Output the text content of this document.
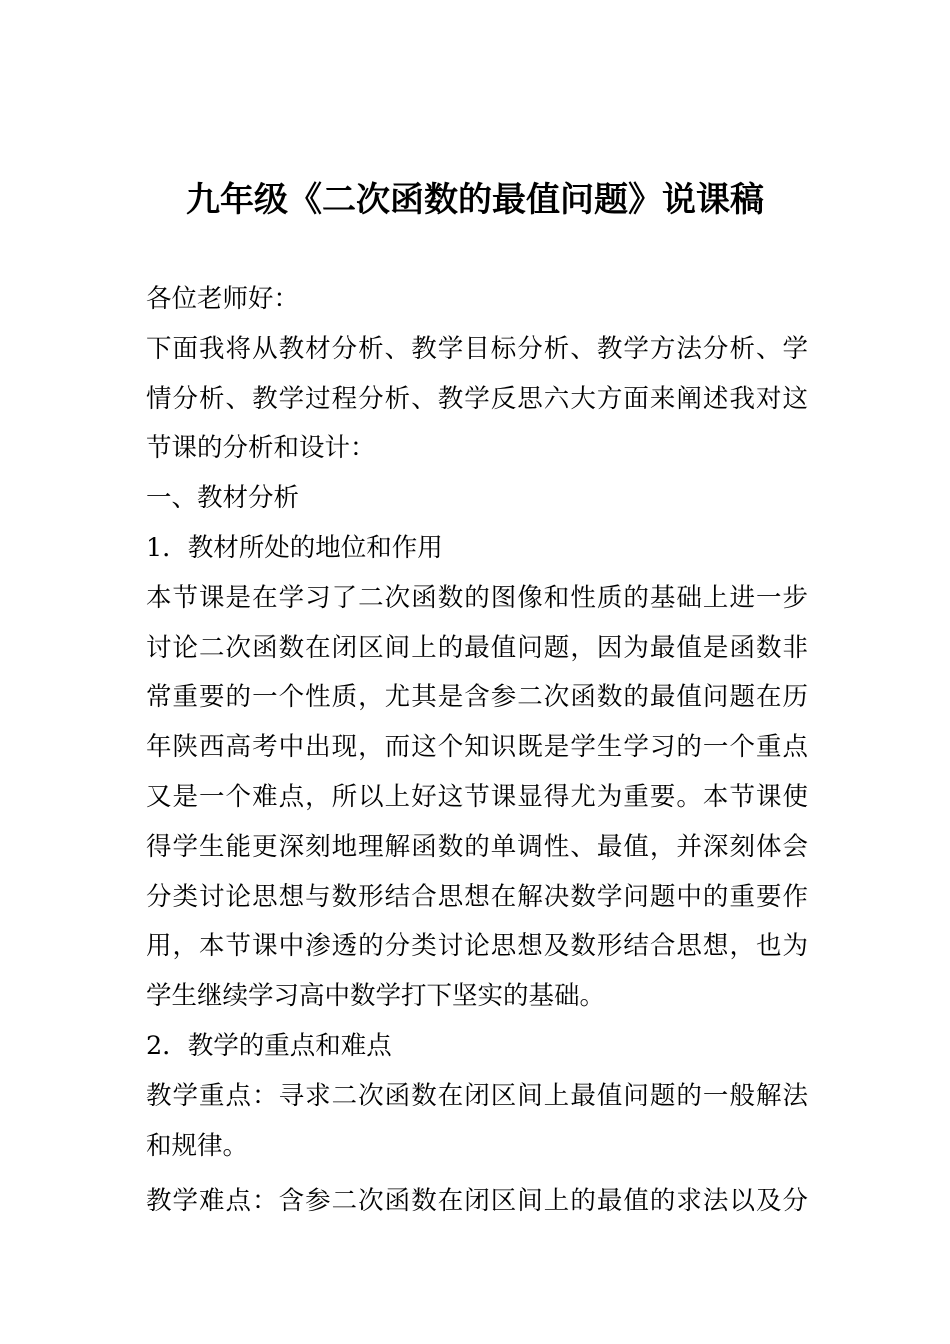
九年级《二次函数的最值问题》说课稿
各位老师好：
下面我将从教材分析、教学目标分析、教学方法分析、学
情分析、教学过程分析、教学反思六大方面来阐述我对这
节课的分析和设计：
一、教材分析
1．教材所处的地位和作用
本节课是在学习了二次函数的图像和性质的基础上进一步
讨论二次函数在闭区间上的最值问题，因为最值是函数非
常重要的一个性质，尤其是含参二次函数的最值问题在历
年陕西高考中出现，而这个知识既是学生学习的一个重点
又是一个难点，所以上好这节课显得尤为重要。本节课使
得学生能更深刻地理解函数的单调性、最值，并深刻体会
分类讨论思想与数形结合思想在解决数学问题中的重要作
用，本节课中渗透的分类讨论思想及数形结合思想，也为
学生继续学习高中数学打下坚实的基础。
2．教学的重点和难点
教学重点：寻求二次函数在闭区间上最值问题的一般解法
和规律。
教学难点：含参二次函数在闭区间上的最值的求法以及分
